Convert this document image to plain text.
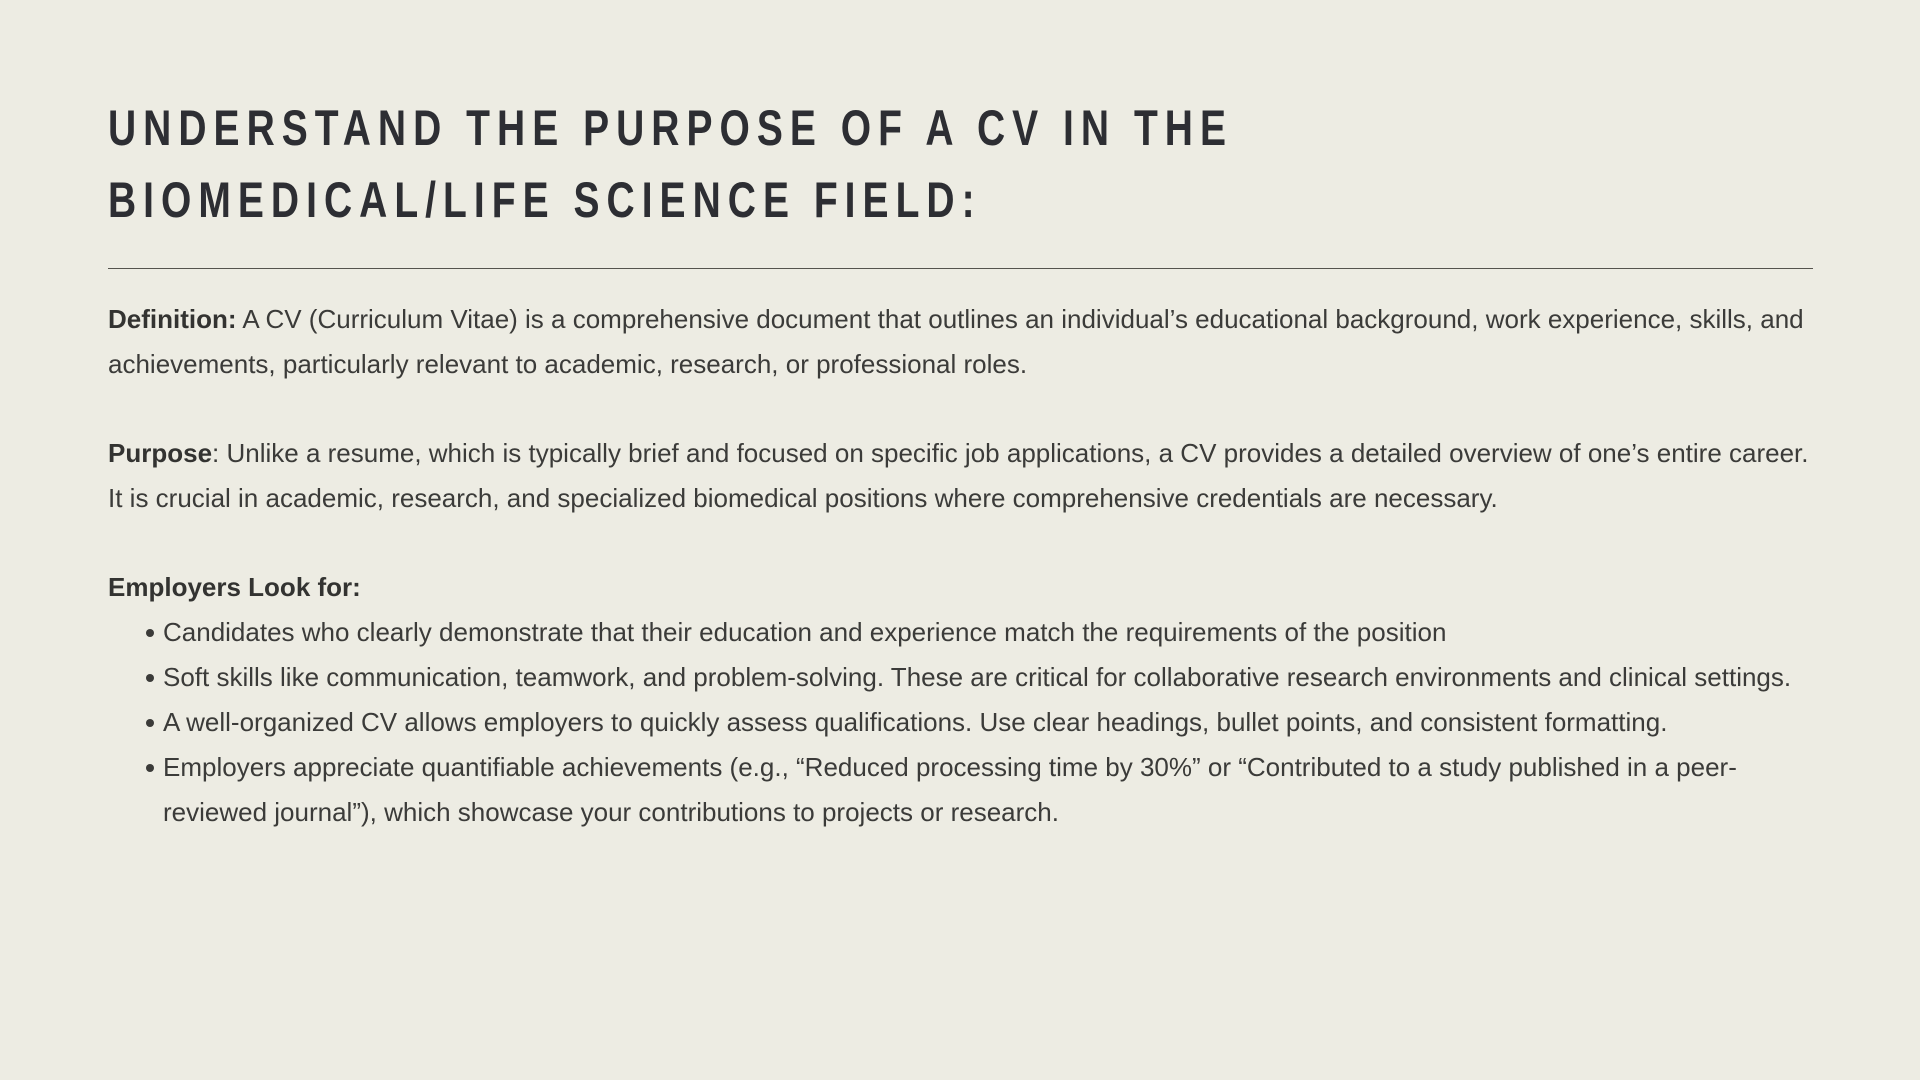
UNDERSTAND THE PURPOSE OF A CV IN THE
BIOMEDICAL/LIFE SCIENCE FIELD:

Definition: A CV (Curriculum Vitae) is a comprehensive document that outlines an individual’s educational background, work experience, skills, and achievements, particularly relevant to academic, research, or professional roles.

Purpose: Unlike a resume, which is typically brief and focused on specific job applications, a CV provides a detailed overview of one’s entire career. It is crucial in academic, research, and specialized biomedical positions where comprehensive credentials are necessary.

Employers Look for:

Candidates who clearly demonstrate that their education and experience match the requirements of the position
Soft skills like communication, teamwork, and problem-solving. These are critical for collaborative research environments and clinical settings.
A well-organized CV allows employers to quickly assess qualifications. Use clear headings, bullet points, and consistent formatting.
Employers appreciate quantifiable achievements (e.g., “Reduced processing time by 30%” or “Contributed to a study published in a peer-reviewed journal”), which showcase your contributions to projects or research.
